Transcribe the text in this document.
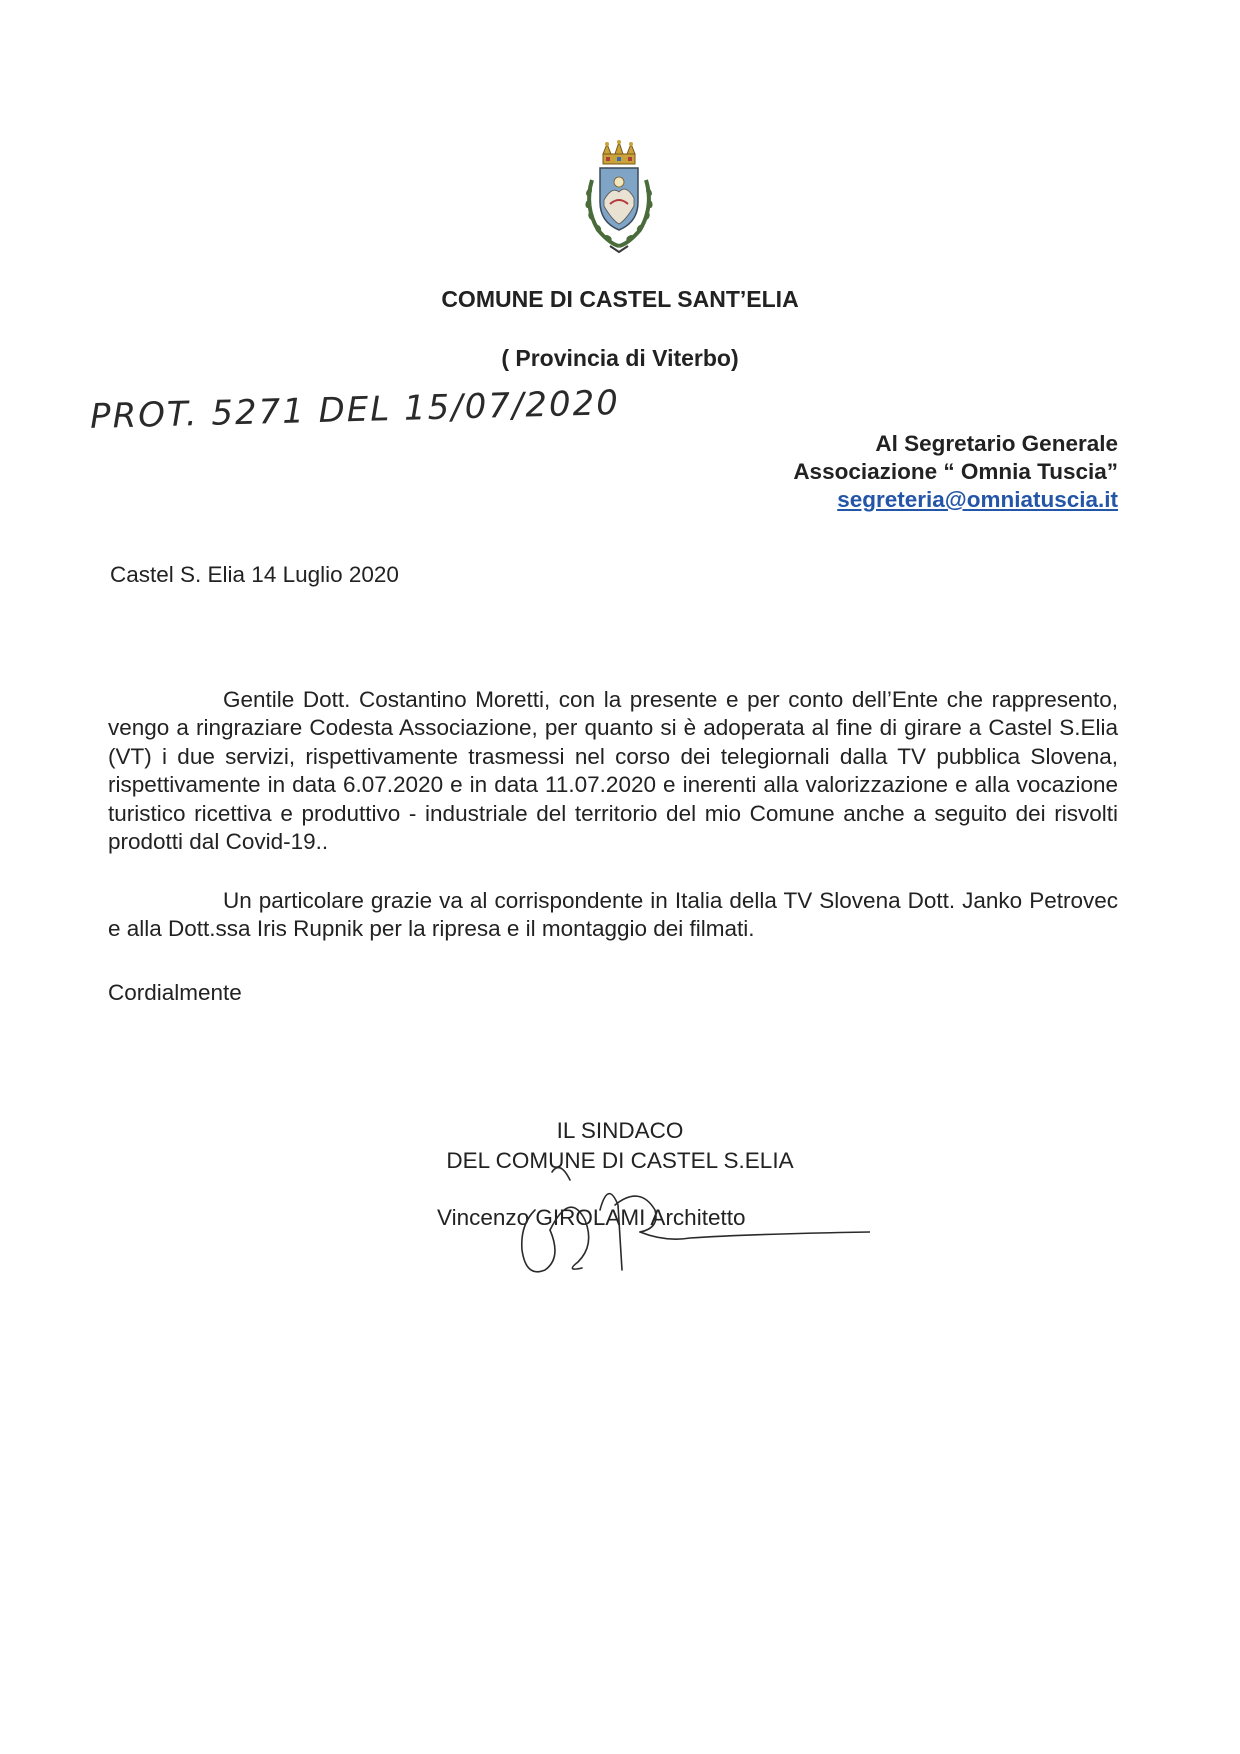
COMUNE DI CASTEL SANT’ELIA
( Provincia di Viterbo)
PROT. 5271 DEL 15/07/2020
Al Segretario Generale
Associazione “ Omnia Tuscia”
segreteria@omniatuscia.it
Castel S. Elia 14 Luglio 2020

Gentile Dott. Costantino Moretti, con la presente e per conto dell’Ente che rappresento, vengo a ringraziare Codesta Associazione, per quanto si è adoperata al fine di girare a Castel S.Elia (VT) i due servizi, rispettivamente trasmessi nel corso dei telegiornali dalla TV pubblica Slovena, rispettivamente in data 6.07.2020 e in data 11.07.2020 e inerenti alla valorizzazione e alla vocazione turistico ricettiva e produttivo - industriale del territorio del mio Comune anche a seguito dei risvolti prodotti dal Covid-19..

Un particolare grazie va al corrispondente in Italia della TV Slovena Dott. Janko Petrovec e alla Dott.ssa Iris Rupnik per la ripresa e il montaggio dei filmati.

Cordialmente
IL SINDACO
DEL COMUNE DI CASTEL S.ELIA
Vincenzo GIROLAMI Architetto
